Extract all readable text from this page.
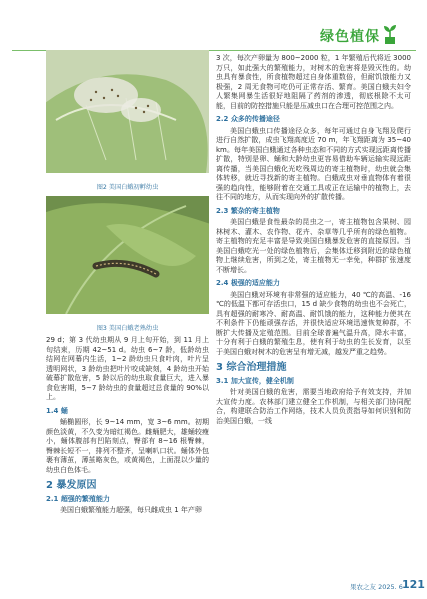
绿色植保
图2 美国白蛾初孵幼虫
图3 美国白蛾老熟幼虫

29 d；第 3 代幼虫期从 9 月上旬开始，到 11 月上旬结束，历期 42~51 d。幼虫 6~7 龄，低龄幼虫结网在网幕内生活，1~2 龄幼虫只食叶肉，叶片呈透明网状，3 龄幼虫把叶片咬成缺刻，4 龄幼虫开始破幕扩散危害，5 龄以后的幼虫取食量巨大，进入暴食危害期，5~7 龄幼虫的食量超过总食量的 90%以上。

1.4 蛹

蛹椭圆形，长 9~14 mm，宽 3~6 mm。初期颜色淡黄，不久变为暗红褐色。雌蛹肥大，雄蛹较瘦小，蛹体腹部有凹陷刻点，臀部有 8~16 根臀棘，臀棘长短不一，排列不整齐，呈喇叭口状。蛹体外包裹有薄茧，薄茧略灰色，或黄褐色，上面混以少量的幼虫白色体毛。

2 暴发原因
2.1 超强的繁殖能力

美国白蛾繁殖能力超强，每只雌成虫 1 年产卵

3 次，每次产卵量为 800~2000 粒，1 年繁殖后代将近 3000 万只，如此强大的繁殖能力，对树木的危害将是毁灭性的。幼虫具有暴食性，所食植物超过自身体重数倍，但耐饥饿能力又极强，2 周无食物可吃仍可正常存活、繁育。美国白蛾夫妇令人繁集网暴生活很好地阻隔了药剂的渗透，彻底根除不太可能，目前的防控措施只能是压减虫口在合理可控范围之内。

2.2 众多的传播途径

美国白蛾虫口传播途径众多，每年可通过自身飞翔及爬行进行自然扩散，成虫飞翔高度近 70 m，年飞翔距离为 35~40 km。每年美国白蛾通过各种虫态和不同的方式实现远距离传播扩散，特别是卵、蛹和大龄幼虫更容易借助车辆运输实现远距离传播，当美国白蛾化光吃残周边的寄主植物时，幼虫就会集体转移，就近寻找新的寄主植物。白蛾成虫对垂直物体有着很强的趋向性，能够附着在交通工具或正在运输中的植物上，去往不同的地方，从而实现向外的扩散传播。

2.3 繁杂的寄主植物

美国白蛾是食性最杂的昆虫之一，寄主植物包含果树、园林树木、灌木、农作物、花卉、杂草等几乎所有的绿色植物。寄主植物的充足丰富是导致美国白蛾暴发危害的直接原因。当美国白蛾吃光一处的绿色植物后，会集体迁移到附近的绿色植物上继续危害，所到之处，寄主植物无一幸免，种群扩张速度不断增长。

2.4 极强的适应能力

美国白蛾对环境有非常强的适应能力，40 ℃的高温、-16 ℃的低温下都可存活虫口，15 d 缺少食物的幼虫也不会死亡，具有超强的耐寒冷、耐高温、耐饥饿的能力，这种能力使其在不利条件下仍能顽强存活，并很快适应环境迅速恢复种群，不断扩大传播及定殖范围。目前全球普遍气温升高，降水丰富，十分有利于白蛾的繁殖生息，使有利于幼虫的生长发育，以至于美国白蛾对树木的危害呈有增无减，越发严重之趋势。

3 综合治理措施
3.1 加大宣传，健全机制

针对美国白蛾的危害，需要当地政府给予有效支持，并加大宣传力度。农林部门建立健全工作机制，与相关部门协同配合，构建联合防治工作网络，技术人员负责指导如何识别和防治美国白蛾，一线

果农之友 2025. 6 121
